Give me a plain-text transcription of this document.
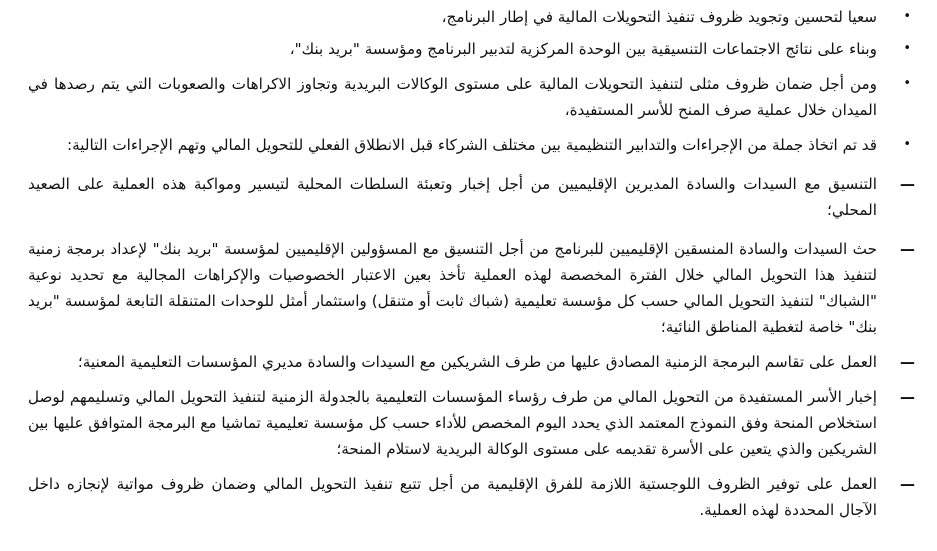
•
سعيا لتحسين وتجويد ظروف تنفيذ التحويلات المالية في إطار البرنامج،
•
وبناء على نتائج الاجتماعات التنسيقية بين الوحدة المركزية لتدبير البرنامج ومؤسسة "بريد بنك"،
•
ومن أجل ضمان ظروف مثلى لتنفيذ التحويلات المالية على مستوى الوكالات البريدية وتجاوز الاكراهات والصعوبات التي يتم رصدها في الميدان خلال عملية صرف المنح للأسر المستفيدة،
•
قد تم اتخاذ جملة من الإجراءات والتدابير التنظيمية بين مختلف الشركاء قبل الانطلاق الفعلي للتحويل المالي وتهم الإجراءات التالية:
—
التنسيق مع السيدات والسادة المديرين الإقليميين من أجل إخبار وتعبئة السلطات المحلية لتيسير ومواكبة هذه العملية على الصعيد المحلي؛
—
حث السيدات والسادة المنسقين الإقليميين للبرنامج من أجل التنسيق مع المسؤولين الإقليميين لمؤسسة "بريد بنك" لإعداد برمجة زمنية لتنفيذ هذا التحويل المالي خلال الفترة المخصصة لهذه العملية تأخذ بعين الاعتبار الخصوصيات والإكراهات المجالية مع تحديد نوعية "الشباك" لتنفيذ التحويل المالي حسب كل مؤسسة تعليمية (شباك ثابت أو متنقل) واستثمار أمثل للوحدات المتنقلة التابعة لمؤسسة "بريد بنك" خاصة لتغطية المناطق النائية؛
—
العمل على تقاسم البرمجة الزمنية المصادق عليها من طرف الشريكين مع السيدات والسادة مديري المؤسسات التعليمية المعنية؛
—
إخبار الأسر المستفيدة من التحويل المالي من طرف رؤساء المؤسسات التعليمية بالجدولة الزمنية لتنفيذ التحويل المالي وتسليمهم لوصل استخلاص المنحة وفق النموذج المعتمد الذي يحدد اليوم المخصص للأداء حسب كل مؤسسة تعليمية تماشيا مع البرمجة المتوافق عليها بين الشريكين والذي يتعين على الأسرة تقديمه على مستوى الوكالة البريدية لاستلام المنحة؛
—
العمل على توفير الظروف اللوجستية اللازمة للفرق الإقليمية من أجل تتبع تنفيذ التحويل المالي وضمان ظروف مواتية لإنجازه داخل الآجال المحددة لهذه العملية.
